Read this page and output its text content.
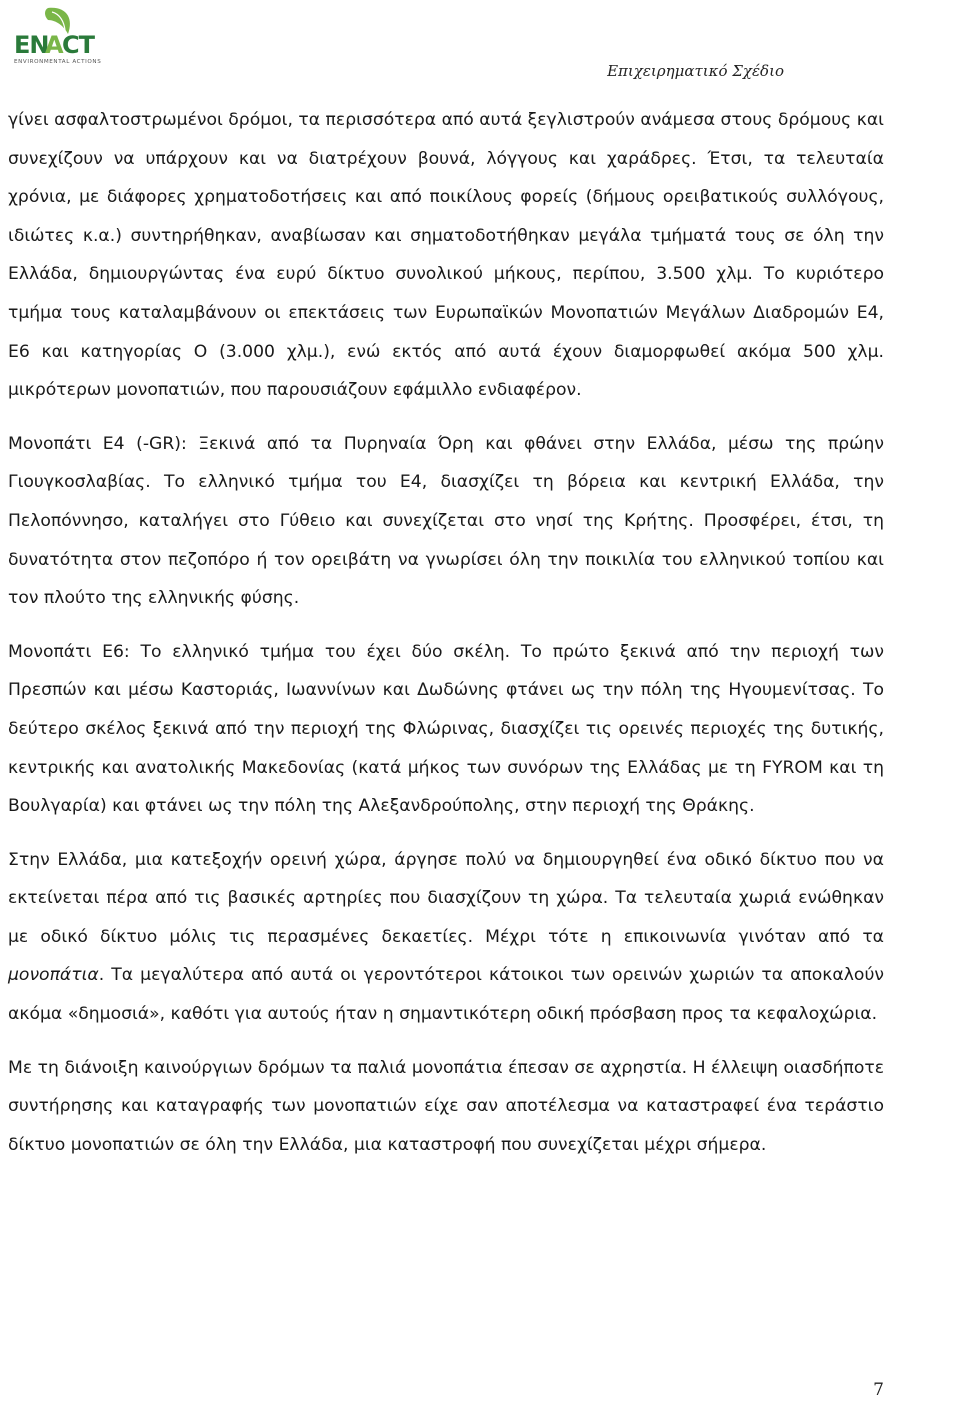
EN
A CT
ENVIRONMENTAL ACTIONS	Επιχειρηματικό Σχέδιο

γίνει ασφαλτοστρωμένοι δρόμοι, τα περισσότερα από αυτά ξεγλιστρούν ανάμεσα στους δρόμους και συνεχίζουν να υπάρχουν και να διατρέχουν βουνά, λόγγους και χαράδρες. Έτσι, τα τελευταία χρόνια, με διάφορες χρηματοδοτήσεις και από ποικίλους φορείς (δήμους ορειβατικούς συλλόγους, ιδιώτες κ.α.) συντηρήθηκαν, αναβίωσαν και σηματοδοτήθηκαν μεγάλα τμήματά τους σε όλη την Ελλάδα, δημιουργώντας ένα ευρύ δίκτυο συνολικού μήκους, περίπου, 3.500 χλμ. Το κυριότερο τμήμα τους καταλαμβάνουν οι επεκτάσεις των Ευρωπαϊκών Μονοπατιών Μεγάλων Διαδρομών Ε4, Ε6 και κατηγορίας Ο (3.000 χλμ.), ενώ εκτός από αυτά έχουν διαμορφωθεί ακόμα 500 χλμ. μικρότερων μονοπατιών, που παρουσιάζουν εφάμιλλο ενδιαφέρον.

Μονοπάτι Ε4 (-GR): Ξεκινά από τα Πυρηναία Όρη και φθάνει στην Ελλάδα, μέσω της πρώην Γιουγκοσλαβίας. Το ελληνικό τμήμα του Ε4, διασχίζει τη βόρεια και κεντρική Ελλάδα, την Πελοπόννησο, καταλήγει στο Γύθειο και συνεχίζεται στο νησί της Κρήτης. Προσφέρει, έτσι, τη δυνατότητα στον πεζοπόρο ή τον ορειβάτη να γνωρίσει όλη την ποικιλία του ελληνικού τοπίου και τον πλούτο της ελληνικής φύσης.

Μονοπάτι Ε6: Το ελληνικό τμήμα του έχει δύο σκέλη. Το πρώτο ξεκινά από την περιοχή των Πρεσπών και μέσω Καστοριάς, Ιωαννίνων και Δωδώνης φτάνει ως την πόλη της Ηγουμενίτσας. Το δεύτερο σκέλος ξεκινά από την περιοχή της Φλώρινας, διασχίζει τις ορεινές περιοχές της δυτικής, κεντρικής και ανατολικής Μακεδονίας (κατά μήκος των συνόρων της Ελλάδας με τη FYROM και τη Βουλγαρία) και φτάνει ως την πόλη της Αλεξανδρούπολης, στην περιοχή της Θράκης.

Στην Ελλάδα, μια κατεξοχήν ορεινή χώρα, άργησε πολύ να δημιουργηθεί ένα οδικό δίκτυο που να εκτείνεται πέρα από τις βασικές αρτηρίες που διασχίζουν τη χώρα. Τα τελευταία χωριά ενώθηκαν με οδικό δίκτυο μόλις τις περασμένες δεκαετίες. Μέχρι τότε η επικοινωνία γινόταν από τα μονοπάτια. Τα μεγαλύτερα από αυτά οι γεροντότεροι κάτοικοι των ορεινών χωριών τα αποκαλούν ακόμα «δημοσιά», καθότι για αυτούς ήταν η σημαντικότερη οδική πρόσβαση προς τα κεφαλοχώρια.

Με τη διάνοιξη καινούργιων δρόμων τα παλιά μονοπάτια έπεσαν σε αχρηστία. Η έλλειψη οιασδήποτε συντήρησης και καταγραφής των μονοπατιών είχε σαν αποτέλεσμα να καταστραφεί ένα τεράστιο δίκτυο μονοπατιών σε όλη την Ελλάδα, μια καταστροφή που συνεχίζεται μέχρι σήμερα.

7
